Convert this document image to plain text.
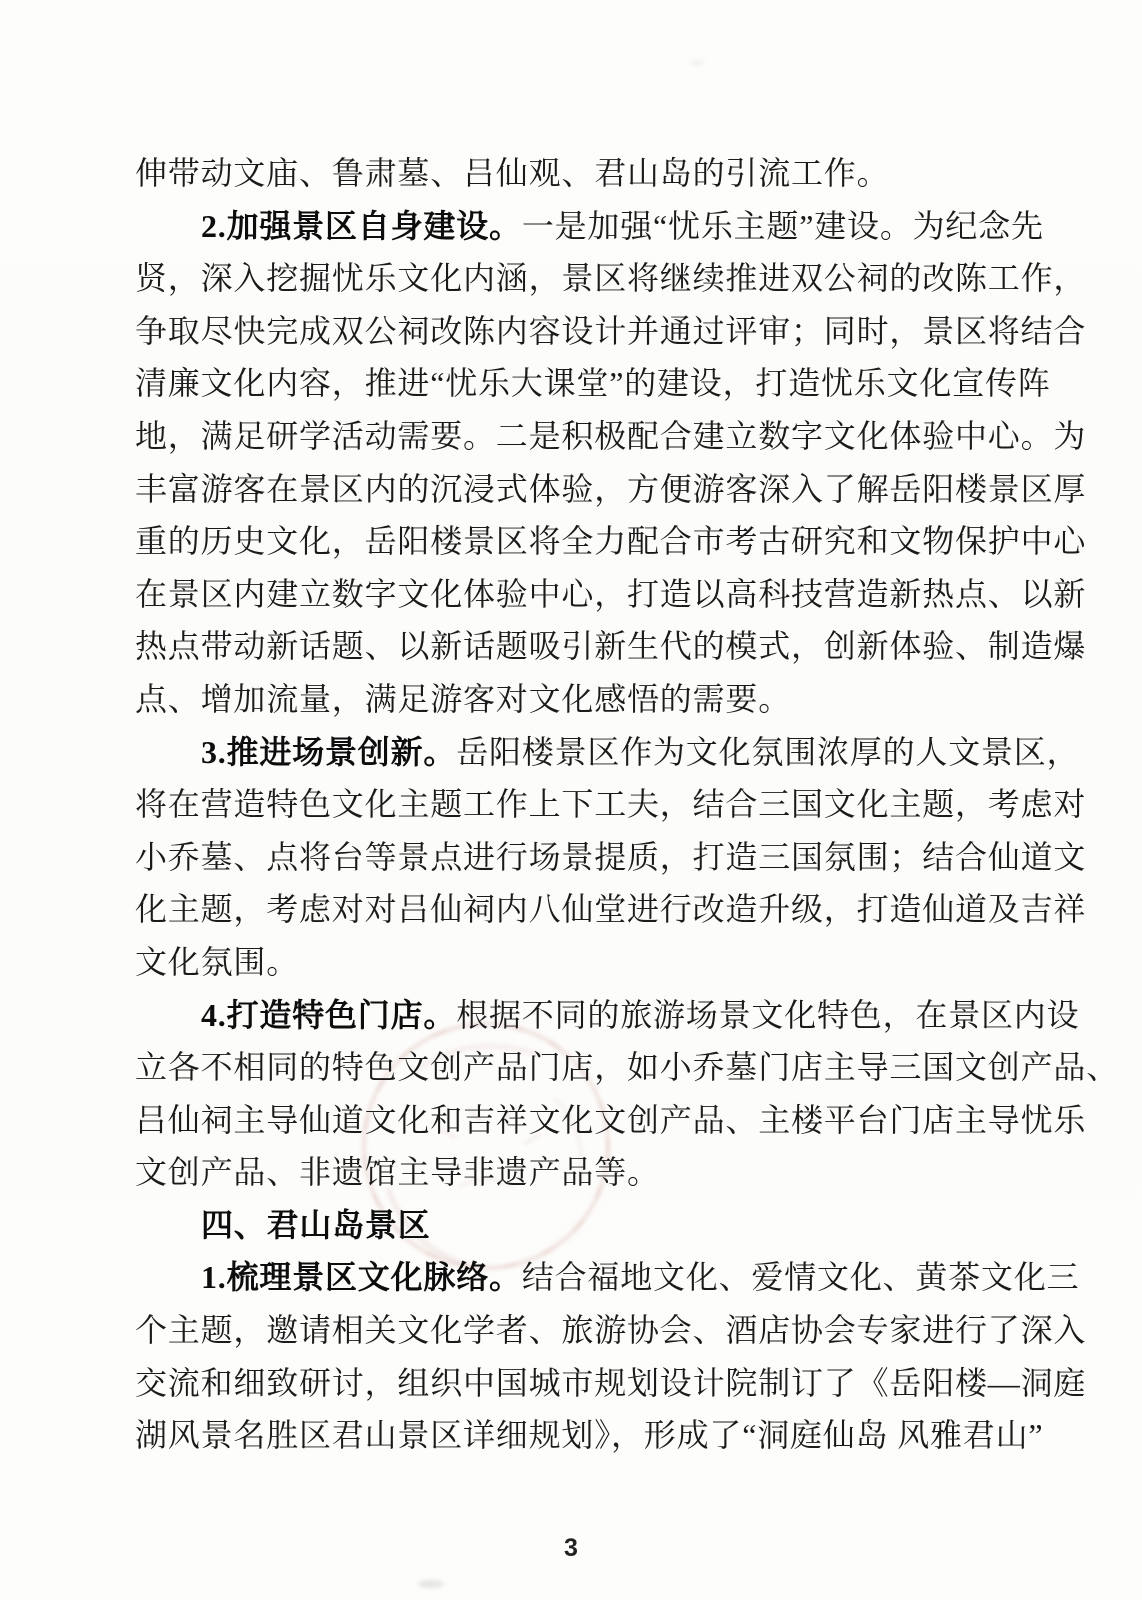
伸带动文庙、鲁肃墓、吕仙观、君山岛的引流工作。
2.加强景区自身建设。一是加强“忧乐主题”建设。为纪念先
贤，深入挖掘忧乐文化内涵，景区将继续推进双公祠的改陈工作，
争取尽快完成双公祠改陈内容设计并通过评审；同时，景区将结合
清廉文化内容，推进“忧乐大课堂”的建设，打造忧乐文化宣传阵
地，满足研学活动需要。二是积极配合建立数字文化体验中心。为
丰富游客在景区内的沉浸式体验，方便游客深入了解岳阳楼景区厚
重的历史文化，岳阳楼景区将全力配合市考古研究和文物保护中心
在景区内建立数字文化体验中心，打造以高科技营造新热点、以新
热点带动新话题、以新话题吸引新生代的模式，创新体验、制造爆
点、增加流量，满足游客对文化感悟的需要。
3.推进场景创新。岳阳楼景区作为文化氛围浓厚的人文景区，
将在营造特色文化主题工作上下工夫，结合三国文化主题，考虑对
小乔墓、点将台等景点进行场景提质，打造三国氛围；结合仙道文
化主题，考虑对对吕仙祠内八仙堂进行改造升级，打造仙道及吉祥
文化氛围。
4.打造特色门店。根据不同的旅游场景文化特色，在景区内设
立各不相同的特色文创产品门店，如小乔墓门店主导三国文创产品、
吕仙祠主导仙道文化和吉祥文化文创产品、主楼平台门店主导忧乐
文创产品、非遗馆主导非遗产品等。
四、君山岛景区
1.梳理景区文化脉络。结合福地文化、爱情文化、黄茶文化三
个主题，邀请相关文化学者、旅游协会、酒店协会专家进行了深入
交流和细致研讨，组织中国城市规划设计院制订了《岳阳楼—洞庭
湖风景名胜区君山景区详细规划》，形成了“洞庭仙岛 风雅君山”
3
